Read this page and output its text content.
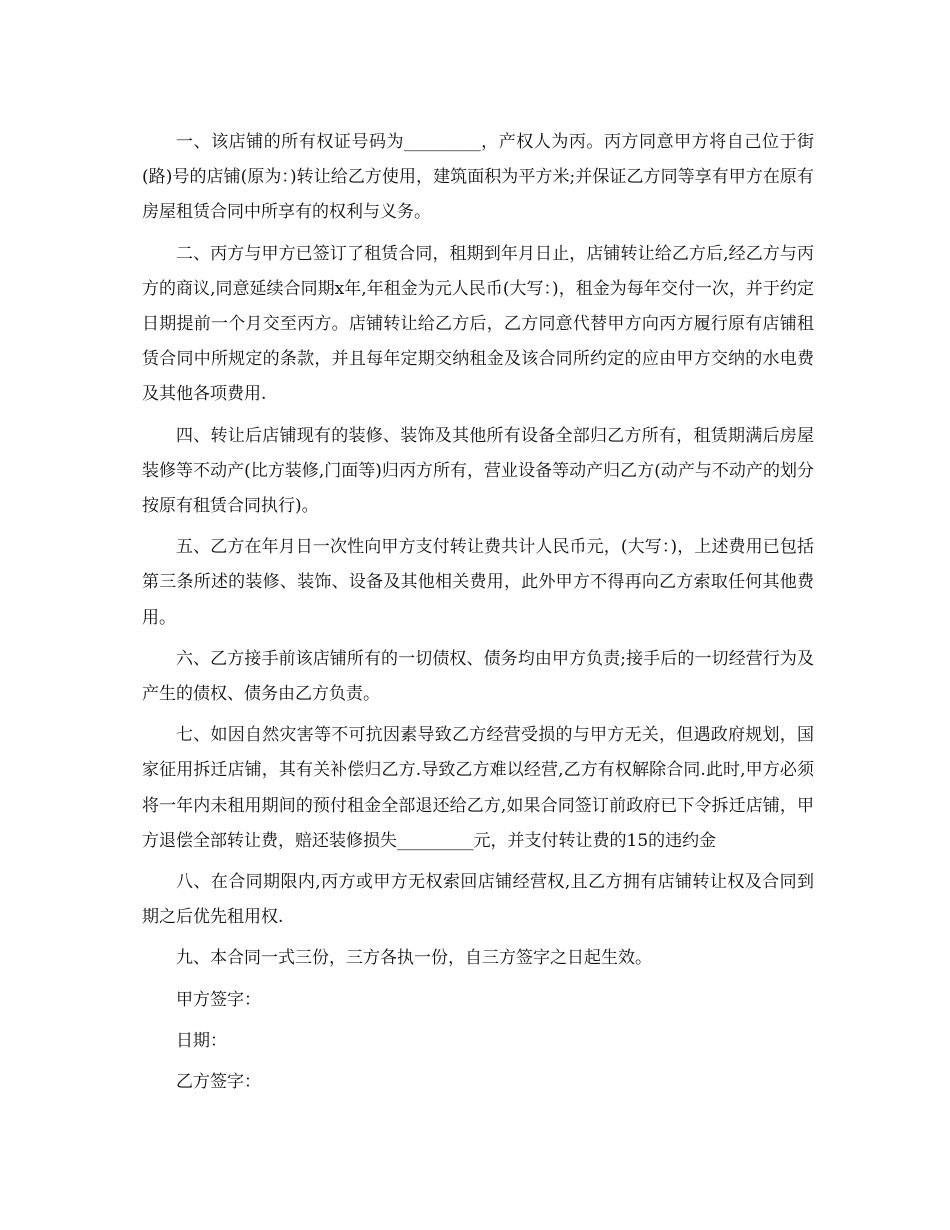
一、该店铺的所有权证号码为_________，产权人为丙。丙方同意甲方将自己位于街(路)号的店铺(原为：)转让给乙方使用，建筑面积为平方米;并保证乙方同等享有甲方在原有房屋租赁合同中所享有的权利与义务。

二、丙方与甲方已签订了租赁合同，租期到年月日止，店铺转让给乙方后,经乙方与丙方的商议,同意延续合同期x年,年租金为元人民币(大写：)，租金为每年交付一次，并于约定日期提前一个月交至丙方。店铺转让给乙方后，乙方同意代替甲方向丙方履行原有店铺租赁合同中所规定的条款，并且每年定期交纳租金及该合同所约定的应由甲方交纳的水电费及其他各项费用.

四、转让后店铺现有的装修、装饰及其他所有设备全部归乙方所有，租赁期满后房屋装修等不动产(比方装修,门面等)归丙方所有，营业设备等动产归乙方(动产与不动产的划分按原有租赁合同执行)。

五、乙方在年月日一次性向甲方支付转让费共计人民币元，(大写：)，上述费用已包括第三条所述的装修、装饰、设备及其他相关费用，此外甲方不得再向乙方索取任何其他费用。

六、乙方接手前该店铺所有的一切债权、债务均由甲方负责;接手后的一切经营行为及产生的债权、债务由乙方负责。

七、如因自然灾害等不可抗因素导致乙方经营受损的与甲方无关，但遇政府规划，国家征用拆迁店铺，其有关补偿归乙方.导致乙方难以经营,乙方有权解除合同.此时,甲方必须将一年内未租用期间的预付租金全部退还给乙方,如果合同签订前政府已下令拆迁店铺，甲方退偿全部转让费，赔还装修损失_________元，并支付转让费的15的违约金

八、在合同期限内,丙方或甲方无权索回店铺经营权,且乙方拥有店铺转让权及合同到期之后优先租用权.

九、本合同一式三份，三方各执一份，自三方签字之日起生效。

甲方签字：

日期：

乙方签字：
